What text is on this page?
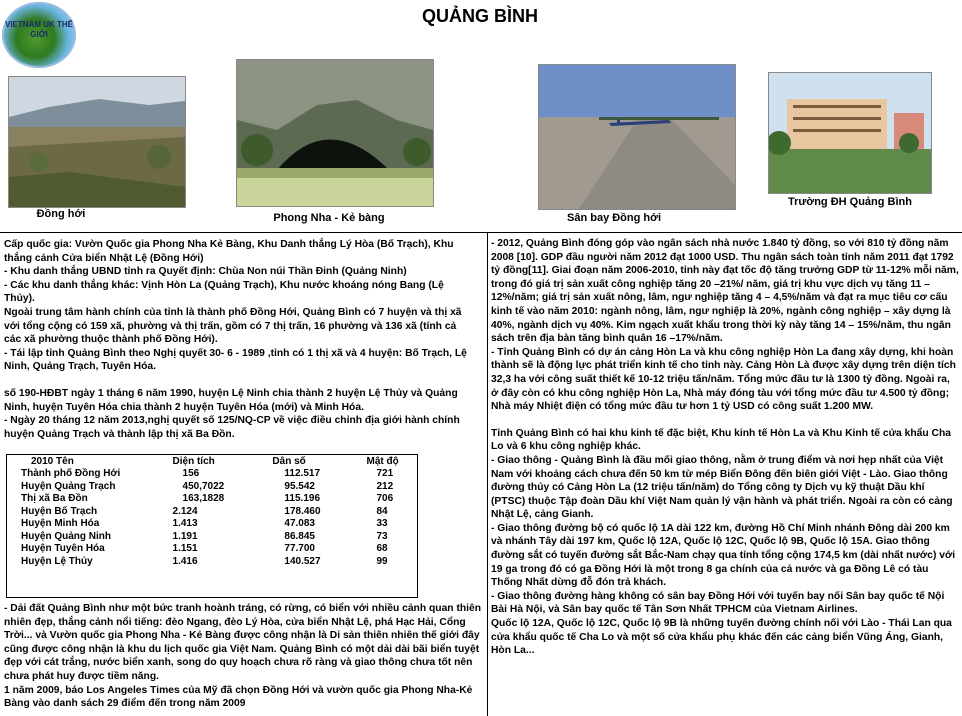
QUẢNG BÌNH
VIETNAM UK THẾ GIỚI
Đồng hới	Phong Nha - Kẻ bàng	Sân bay Đồng hới
Trường ĐH Quảng Bình

Cấp quốc gia: Vườn Quốc gia Phong Nha Kẻ Bàng, Khu Danh thắng Lý Hòa (Bố Trạch), Khu thắng cảnh Cửa biển Nhật Lệ (Đồng Hới)

- Khu danh thắng UBND tỉnh ra Quyết định: Chùa Non núi Thần Đinh (Quảng Ninh)

- Các khu danh thắng khác: Vịnh Hòn La (Quảng Trạch), Khu nước khoáng nóng Bang (Lệ Thủy).

Ngoài trung tâm hành chính của tỉnh là thành phố Đồng Hới, Quảng Bình có 7 huyện và thị xã với tổng cộng có 159 xã, phường và thị trấn, gồm có 7 thị trấn, 16 phường và 136 xã (tính cả các xã phường thuộc thành phố Đồng Hới).

- Tái lập tỉnh Quảng Bình theo Nghị quyết 30- 6 - 1989 ,tỉnh có 1 thị xã và 4 huyện: Bố Trạch, Lệ Ninh, Quảng Trạch, Tuyên Hóa.

số 190-HĐBT ngày 1 tháng 6 năm 1990, huyện Lệ Ninh chia thành 2 huyện Lệ Thủy và Quảng Ninh, huyện Tuyên Hóa chia thành 2 huyện Tuyên Hóa (mới) và Minh Hóa.

- Ngày 20 tháng 12 năm 2013,nghị quyết số 125/NQ-CP về việc điều chỉnh địa giới hành chính huyện Quảng Trạch và thành lập thị xã Ba Đồn.

2010 Tên	Diện tích	Dân số	Mật độ
Thành phố Đồng Hới	156	112.517	721
Huyện Quảng Trạch	450,7022	95.542	212
Thị xã Ba Đồn	163,1828	115.196	706
Huyện Bố Trạch	2.124	178.460	84
Huyện Minh Hóa	1.413	47.083	33
Huyện Quảng Ninh	1.191	86.845	73
Huyện Tuyên Hóa	1.151	77.700	68
Huyện Lệ Thủy	1.416	140.527	99

- Dải đất Quảng Bình như một bức tranh hoành tráng, có rừng, có biển với nhiều cảnh quan thiên nhiên đẹp, thắng cảnh nổi tiếng: đèo Ngang, đèo Lý Hòa, cửa biển Nhật Lệ, phá Hạc Hải, Cổng Trời... và Vườn quốc gia Phong Nha - Kẻ Bàng được công nhận là Di sản thiên nhiên thế giới đây cũng được công nhận là khu du lịch quốc gia Việt Nam. Quảng Bình có một dải dài bãi biển tuyệt đẹp với cát trắng, nước biển xanh, song do quy hoạch chưa rõ ràng và giao thông chưa tốt nên chưa phát huy được tiềm năng.

1 năm 2009, báo Los Angeles Times của Mỹ đã chọn Đồng Hới và vườn quốc gia Phong Nha-Kẻ Bàng vào danh sách 29 điểm đến trong năm 2009

- 2012, Quảng Bình đóng góp vào ngân sách nhà nước 1.840 tỷ đồng, so với 810 tỷ đồng năm 2008 [10]. GDP đầu người năm 2012 đạt 1000 USD. Thu ngân sách toàn tỉnh năm 2011 đạt 1792 tỷ đồng[11]. Giai đoạn năm 2006-2010, tỉnh này đạt tốc độ tăng trưởng GDP từ 11-12% mỗi năm, trong đó giá trị sản xuất công nghiệp tăng 20 –21%/ năm, giá trị khu vực dịch vụ tăng 11 – 12%/năm; giá trị sản xuất nông, lâm, ngư nghiệp tăng 4 – 4,5%/năm và đạt ra mục tiêu cơ cấu kinh tế vào năm 2010: ngành nông, lâm, ngư nghiệp là 20%, ngành công nghiệp – xây dựng là 40%, ngành dịch vụ 40%. Kim ngạch xuất khẩu trong thời kỳ này tăng 14 – 15%/năm, thu ngân sách trên địa bàn tăng bình quân 16 –17%/năm.

- Tỉnh Quảng Bình có dự án cảng Hòn La và khu công nghiệp Hòn La đang xây dựng, khi hoàn thành sẽ là động lực phát triển kinh tế cho tỉnh này. Cảng Hòn Là được xây dựng trên diện tích 32,3 ha với công suất thiết kế 10-12 triệu tấn/năm. Tổng mức đầu tư là 1300 tỷ đồng. Ngoài ra, ở đây còn có khu công nghiệp Hòn La, Nhà máy đóng tàu với tổng mức đầu tư 4.500 tỷ đồng; Nhà máy Nhiệt điện có tổng mức đầu tư hơn 1 tỷ USD có công suất 1.200 MW.

Tỉnh Quảng Bình có hai khu kinh tế đặc biệt, Khu kinh tế Hòn La và Khu Kinh tế cửa khẩu Cha Lo và 6 khu công nghiệp khác.

- Giao thông - Quảng Bình là đầu mối giao thông, nằm ở trung điểm và nơi hẹp nhất của Việt Nam với khoảng cách chưa đến 50 km từ mép Biển Đông đến biên giới Việt - Lào. Giao thông đường thủy có Cảng Hòn La (12 triệu tấn/năm) do Tổng công ty Dịch vụ kỹ thuật Dầu khí (PTSC) thuộc Tập đoàn Dầu khí Việt Nam quản lý vận hành và phát triển. Ngoài ra còn có cảng Nhật Lệ, cảng Gianh.

- Giao thông đường bộ có quốc lộ 1A dài 122 km, đường Hồ Chí Minh nhánh Đông dài 200 km và nhánh Tây dài 197 km, Quốc lộ 12A, Quốc lộ 12C, Quốc lộ 9B, Quốc lộ 15A. Giao thông đường sắt có tuyến đường sắt Bắc-Nam chạy qua tỉnh tổng cộng 174,5 km (dài nhất nước) với 19 ga trong đó có ga Đồng Hới là một trong 8 ga chính của cả nước và ga Đồng Lê có tàu Thống Nhất dừng đỗ đón trả khách.

- Giao thông đường hàng không có sân bay Đồng Hới với tuyến bay nối Sân bay quốc tế Nội Bài Hà Nội, và Sân bay quốc tế Tân Sơn Nhất TPHCM của Vietnam Airlines.

Quốc lộ 12A, Quốc lộ 12C, Quốc lộ 9B là những tuyến đường chính nối với Lào - Thái Lan qua cửa khẩu quốc tế Cha Lo và một số cửa khẩu phụ khác đến các cảng biển Vũng Áng, Gianh, Hòn La...
